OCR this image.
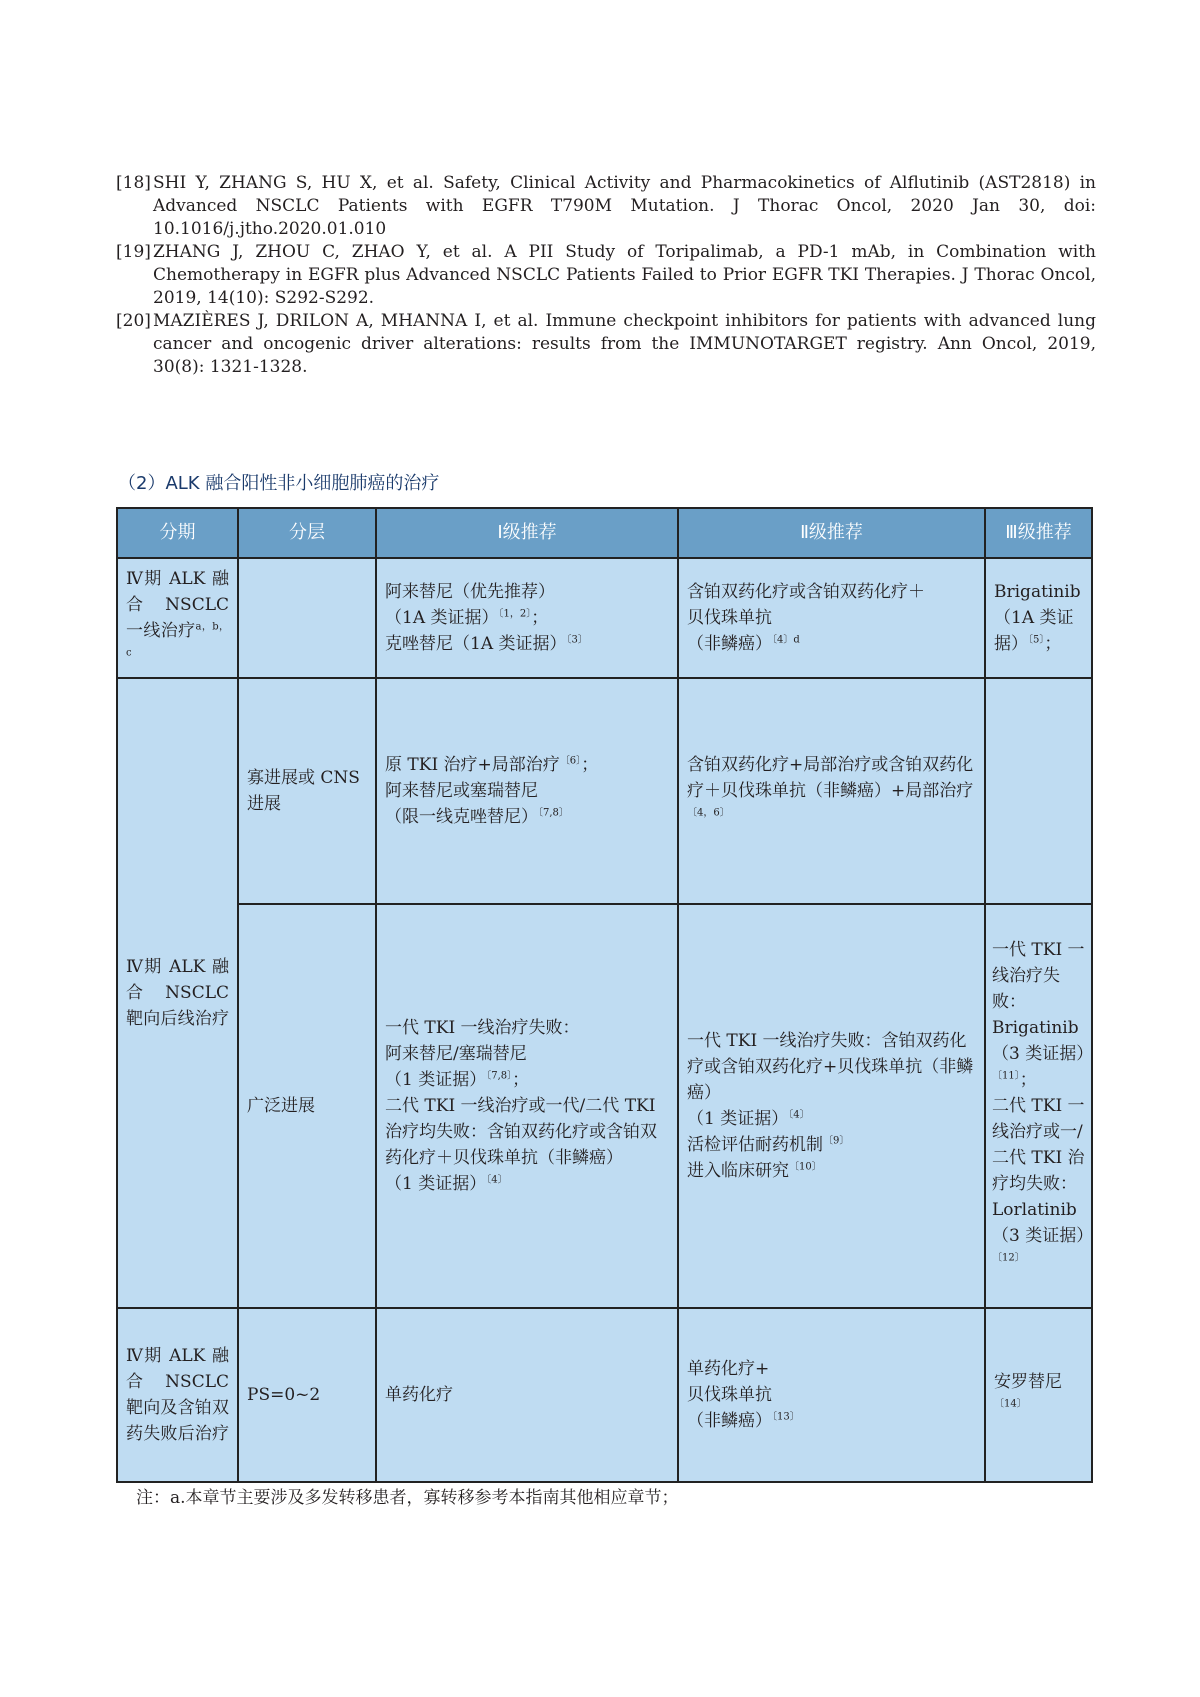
[18] SHI Y, ZHANG S, HU X, et al. Safety, Clinical Activity and Pharmacokinetics of Alflutinib (AST2818) in Advanced NSCLC Patients with EGFR T790M Mutation. J Thorac Oncol, 2020 Jan 30, doi: 10.1016/j.jtho.2020.01.010
[19] ZHANG J, ZHOU C, ZHAO Y, et al. A PII Study of Toripalimab, a PD-1 mAb, in Combination with Chemotherapy in EGFR plus Advanced NSCLC Patients Failed to Prior EGFR TKI Therapies. J Thorac Oncol, 2019, 14(10): S292-S292.
[20] MAZIÈRES J, DRILON A, MHANNA I, et al. Immune checkpoint inhibitors for patients with advanced lung cancer and oncogenic driver alterations: results from the IMMUNOTARGET registry. Ann Oncol, 2019, 30(8): 1321-1328.
（2）ALK 融合阳性非小细胞肺癌的治疗
分期	分层	Ⅰ级推荐	Ⅱ级推荐	Ⅲ级推荐

Ⅳ期 ALK 融合 NSCLC 一线治疗$^{a,b,c}$		阿来替尼（优先推荐）
（1A 类证据）$^{〔1,2〕}$；
克唑替尼（1A 类证据）$^{〔3〕}$	含铂双药化疗或含铂双药化疗＋
贝伐珠单抗
（非鳞癌）$^{〔4〕d}$	Brigatinib（1A 类证据）$^{〔5〕}$；

Ⅳ期 ALK 融合 NSCLC 靶向后线治疗	寡进展或 CNS 进展	原 TKI 治疗+局部治疗$^{〔6〕}$；
阿来替尼或塞瑞替尼
（限一线克唑替尼）$^{〔7,8〕}$	含铂双药化疗+局部治疗或含铂双药化疗＋贝伐珠单抗（非鳞癌）+局部治疗$^{〔4,6〕}$

	广泛进展	一代 TKI 一线治疗失败：
阿来替尼/塞瑞替尼
（1 类证据）$^{〔7,8〕}$；
二代 TKI 一线治疗或一代/二代 TKI 治疗均失败：含铂双药化疗或含铂双药化疗＋贝伐珠单抗（非鳞癌）
（1 类证据）$^{〔4〕}$	一代 TKI 一线治疗失败：含铂双药化疗或含铂双药化疗+贝伐珠单抗（非鳞癌）
（1 类证据）$^{〔4〕}$
活检评估耐药机制$^{〔9〕}$
进入临床研究$^{〔10〕}$	一代 TKI 一线治疗失败：Brigatinib（3 类证据）$^{〔11〕}$；
二代 TKI 一线治疗或一/二代 TKI 治疗均失败：Lorlatinib（3 类证据）$^{〔12〕}$

Ⅳ期 ALK 融合 NSCLC 靶向及含铂双药失败后治疗	PS=0~2	单药化疗	单药化疗+
贝伐珠单抗
（非鳞癌）$^{〔13〕}$	安罗替尼$^{〔14〕}$
注：a.本章节主要涉及多发转移患者，寡转移参考本指南其他相应章节；
